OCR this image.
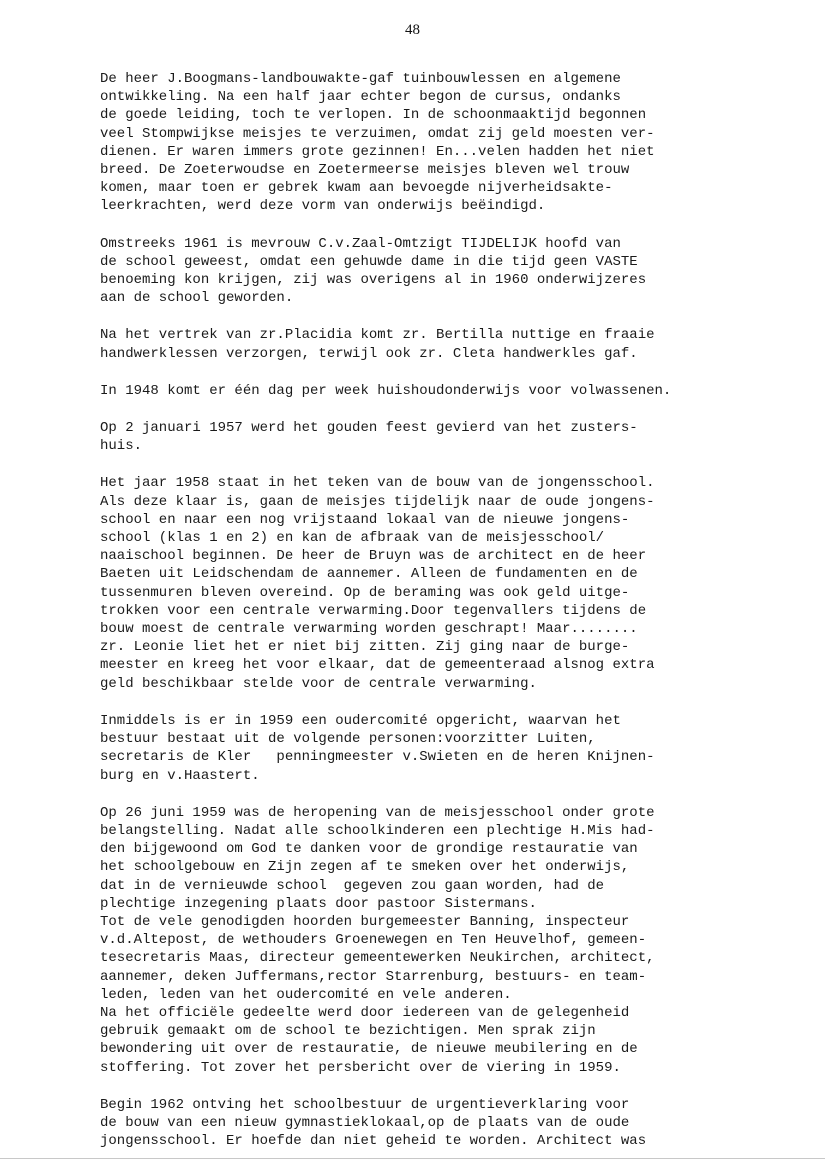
48

De heer J.Boogmans-landbouwakte-gaf tuinbouwlessen en algemene
ontwikkeling. Na een half jaar echter begon de cursus, ondanks
de goede leiding, toch te verlopen. In de schoonmaaktijd begonnen
veel Stompwijkse meisjes te verzuimen, omdat zij geld moesten ver-
dienen. Er waren immers grote gezinnen! En...velen hadden het niet
breed. De Zoeterwoudse en Zoetermeerse meisjes bleven wel trouw
komen, maar toen er gebrek kwam aan bevoegde nijverheidsakte-
leerkrachten, werd deze vorm van onderwijs beëindigd.

Omstreeks 1961 is mevrouw C.v.Zaal-Omtzigt TIJDELIJK hoofd van
de school geweest, omdat een gehuwde dame in die tijd geen VASTE
benoeming kon krijgen, zij was overigens al in 1960 onderwijzeres
aan de school geworden.

Na het vertrek van zr.Placidia komt zr. Bertilla nuttige en fraaie
handwerklessen verzorgen, terwijl ook zr. Cleta handwerkles gaf.

In 1948 komt er één dag per week huishoudonderwijs voor volwassenen.

Op 2 januari 1957 werd het gouden feest gevierd van het zusters-
huis.

Het jaar 1958 staat in het teken van de bouw van de jongensschool.
Als deze klaar is, gaan de meisjes tijdelijk naar de oude jongens-
school en naar een nog vrijstaand lokaal van de nieuwe jongens-
school (klas 1 en 2) en kan de afbraak van de meisjesschool/
naaischool beginnen. De heer de Bruyn was de architect en de heer
Baeten uit Leidschendam de aannemer. Alleen de fundamenten en de
tussenmuren bleven overeind. Op de beraming was ook geld uitge-
trokken voor een centrale verwarming.Door tegenvallers tijdens de
bouw moest de centrale verwarming worden geschrapt! Maar........
zr. Leonie liet het er niet bij zitten. Zij ging naar de burge-
meester en kreeg het voor elkaar, dat de gemeenteraad alsnog extra
geld beschikbaar stelde voor de centrale verwarming.

Inmiddels is er in 1959 een oudercomité opgericht, waarvan het
bestuur bestaat uit de volgende personen:voorzitter Luiten,
secretaris de Kler   penningmeester v.Swieten en de heren Knijnen-
burg en v.Haastert.

Op 26 juni 1959 was de heropening van de meisjesschool onder grote
belangstelling. Nadat alle schoolkinderen een plechtige H.Mis had-
den bijgewoond om God te danken voor de grondige restauratie van
het schoolgebouw en Zijn zegen af te smeken over het onderwijs,
dat in de vernieuwde school  gegeven zou gaan worden, had de
plechtige inzegening plaats door pastoor Sistermans.
Tot de vele genodigden hoorden burgemeester Banning, inspecteur
v.d.Altepost, de wethouders Groenewegen en Ten Heuvelhof, gemeen-
tesecretaris Maas, directeur gemeentewerken Neukirchen, architect,
aannemer, deken Juffermans,rector Starrenburg, bestuurs- en team-
leden, leden van het oudercomité en vele anderen.
Na het officiële gedeelte werd door iedereen van de gelegenheid
gebruik gemaakt om de school te bezichtigen. Men sprak zijn
bewondering uit over de restauratie, de nieuwe meubilering en de
stoffering. Tot zover het persbericht over de viering in 1959.

Begin 1962 ontving het schoolbestuur de urgentieverklaring voor
de bouw van een nieuw gymnastieklokaal,op de plaats van de oude
jongensschool. Er hoefde dan niet geheid te worden. Architect was
